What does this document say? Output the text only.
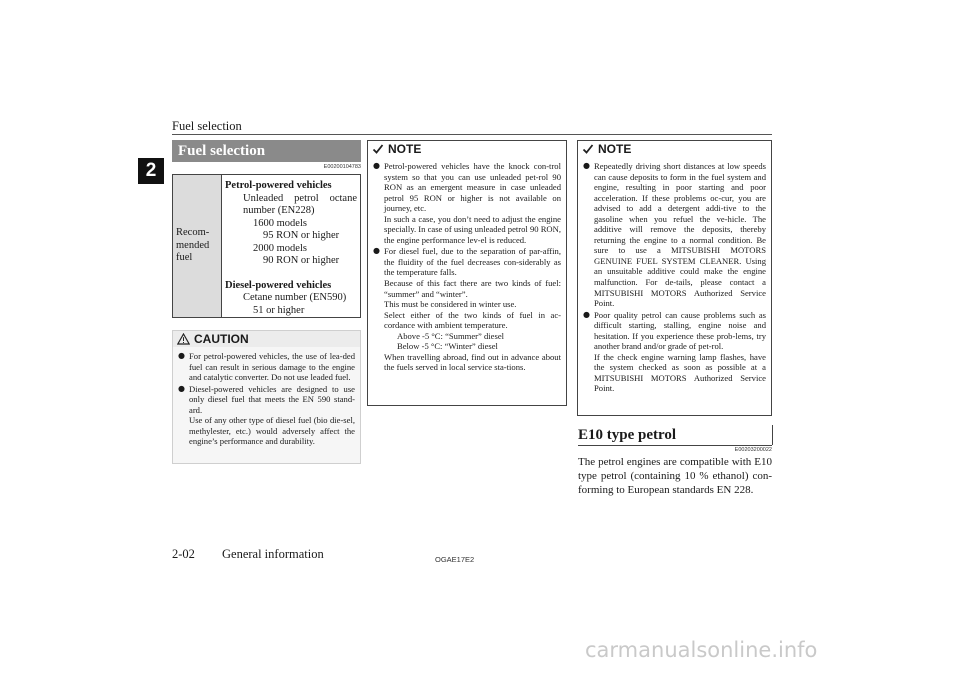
Fuel selection
2
Fuel selection
E00200104783
Recom-
mended
fuel
Petrol-powered vehicles
Unleaded petrol octane
number (EN228)
1600 models
95 RON or higher
2000 models
90 RON or higher
Diesel-powered vehicles
Cetane number (EN590)
51 or higher
CAUTION
● For petrol-powered vehicles, the use of lea-ded fuel can result in serious damage to the engine and catalytic converter. Do not use leaded fuel.
● Diesel-powered vehicles are designed to use only diesel fuel that meets the EN 590 stand-ard.
Use of any other type of diesel fuel (bio die-sel, methylester, etc.) would adversely affect the engine’s performance and durability.
NOTE
● Petrol-powered vehicles have the knock con-trol system so that you can use unleaded pet-rol 90 RON as an emergent measure in case unleaded petrol 95 RON or higher is not available on journey, etc.
In such a case, you don’t need to adjust the engine specially. In case of using unleaded petrol 90 RON, the engine performance lev-el is reduced.
● For diesel fuel, due to the separation of par-affin, the fluidity of the fuel decreases con-siderably as the temperature falls.
Because of this fact there are two kinds of fuel: “summer” and “winter”.
This must be considered in winter use.
Select either of the two kinds of fuel in ac-cordance with ambient temperature.
Above -5 °C: “Summer” diesel
Below -5 °C: “Winter” diesel
When travelling abroad, find out in advance about the fuels served in local service sta-tions.
NOTE
● Repeatedly driving short distances at low speeds can cause deposits to form in the fuel system and engine, resulting in poor starting and poor acceleration. If these problems oc-cur, you are advised to add a detergent addi-tive to the gasoline when you refuel the ve-hicle. The additive will remove the deposits, thereby returning the engine to a normal condition. Be sure to use a MITSUBISHI MOTORS GENUINE FUEL SYSTEM CLEANER. Using an unsuitable additive could make the engine malfunction. For de-tails, please contact a MITSUBISHI MOTORS Authorized Service Point.
● Poor quality petrol can cause problems such as difficult starting, stalling, engine noise and hesitation. If you experience these prob-lems, try another brand and/or grade of pet-rol.
If the check engine warning lamp flashes, have the system checked as soon as possible at a MITSUBISHI MOTORS Authorized Service Point.
E10 type petrol
E00203200022
The petrol engines are compatible with E10 type petrol (containing 10 % ethanol) con-forming to European standards EN 228.
2-02 General information	OGAE17E2
carmanualsonline.info
